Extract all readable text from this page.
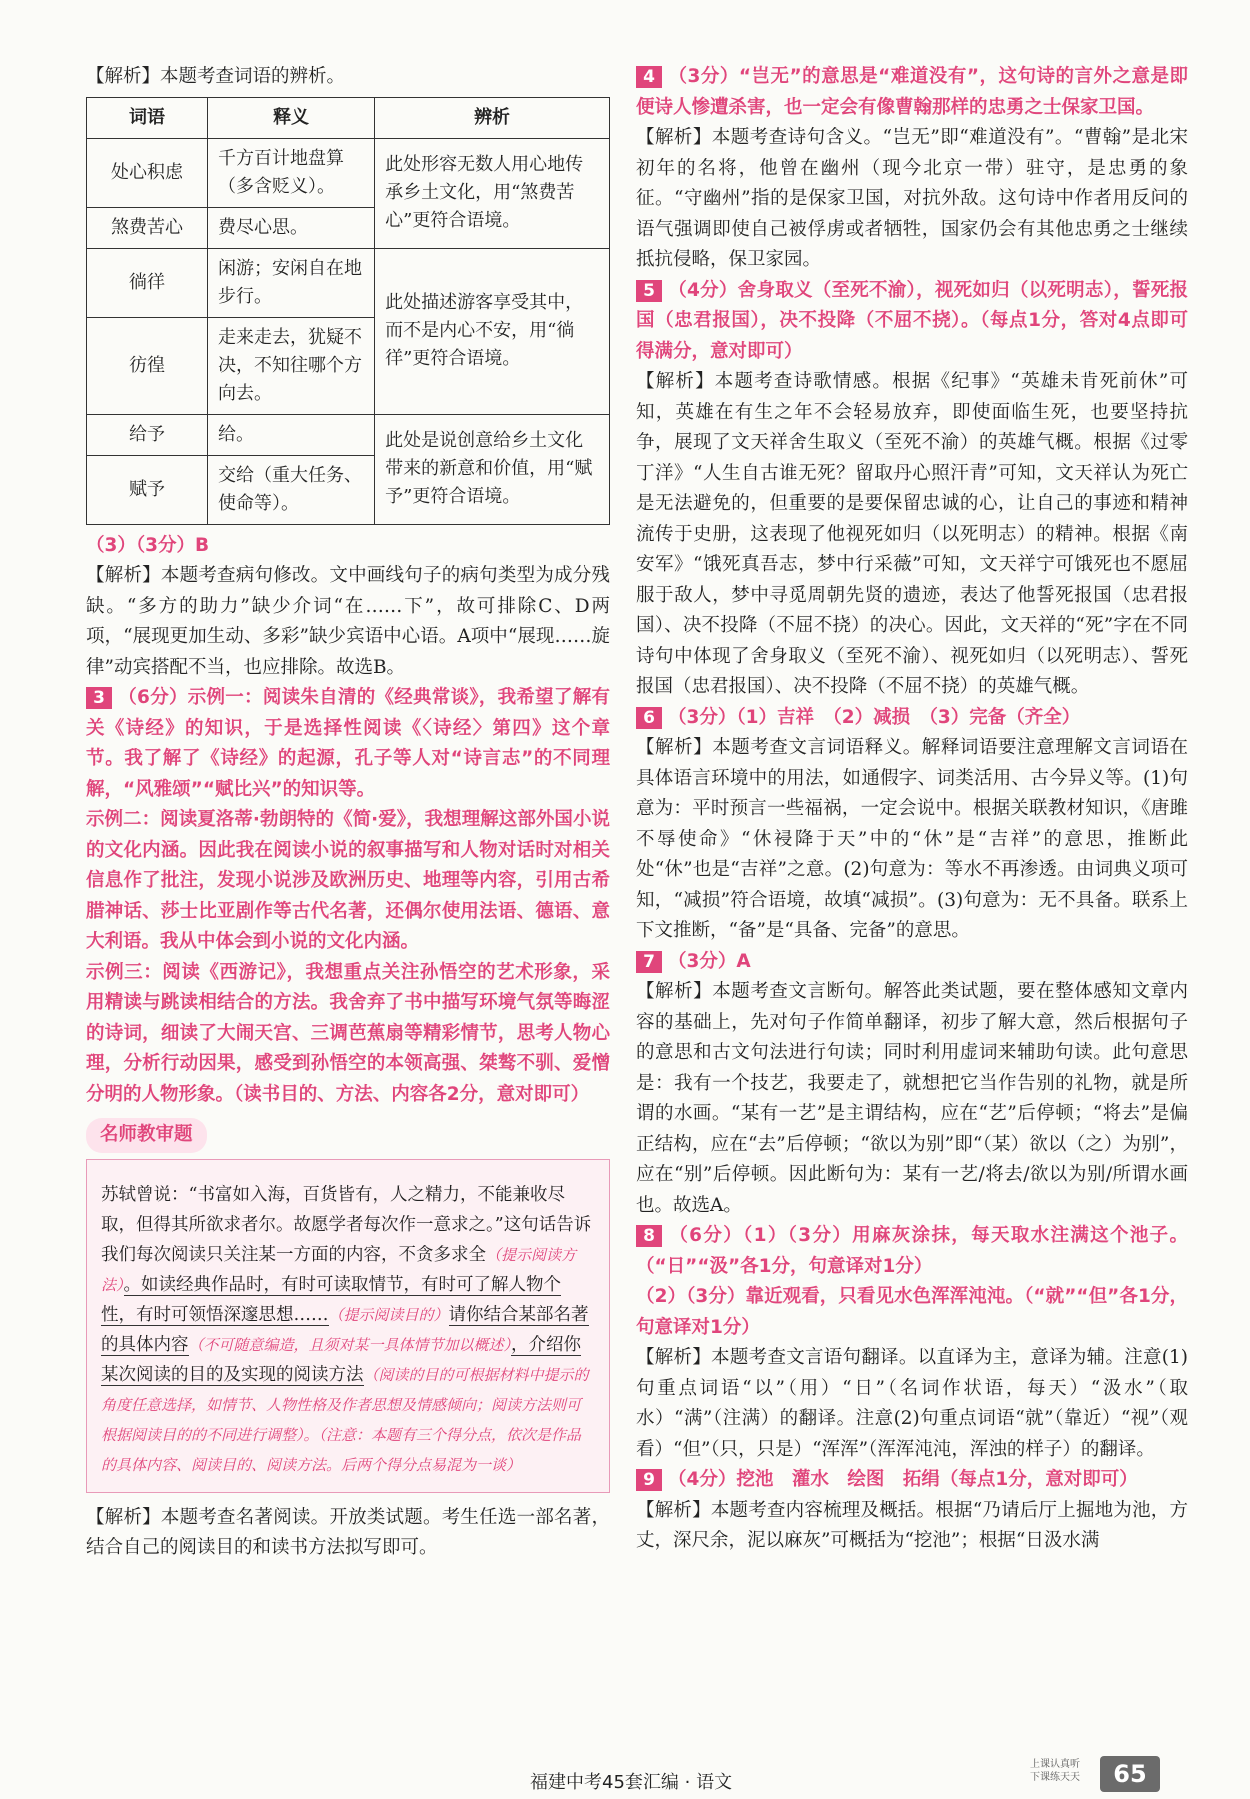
【解析】本题考查词语的辨析。

词语	释义	辨析
处心积虑	千方百计地盘算（多含贬义）。	此处形容无数人用心地传承乡土文化，用“煞费苦心”更符合语境。
煞费苦心	费尽心思。	
徜徉	闲游；安闲自在地步行。	此处描述游客享受其中，而不是内心不安，用“徜徉”更符合语境。
彷徨	走来走去，犹疑不决，不知往哪个方向去。	
给予	给。	此处是说创意给乡土文化带来的新意和价值，用“赋予”更符合语境。
赋予	交给（重大任务、使命等）。	

（3）（3分）B

【解析】本题考查病句修改。文中画线句子的病句类型为成分残缺。“多方的助力”缺少介词“在……下”，故可排除C、D两项，“展现更加生动、多彩”缺少宾语中心语。A项中“展现……旋律”动宾搭配不当，也应排除。故选B。

3 （6分）示例一：阅读朱自清的《经典常谈》，我希望了解有关《诗经》的知识，于是选择性阅读《〈诗经〉第四》这个章节。我了解了《诗经》的起源，孔子等人对“诗言志”的不同理解，“风雅颂”“赋比兴”的知识等。

示例二：阅读夏洛蒂·勃朗特的《简·爱》，我想理解这部外国小说的文化内涵。因此我在阅读小说的叙事描写和人物对话时对相关信息作了批注，发现小说涉及欧洲历史、地理等内容，引用古希腊神话、莎士比亚剧作等古代名著，还偶尔使用法语、德语、意大利语。我从中体会到小说的文化内涵。

示例三：阅读《西游记》，我想重点关注孙悟空的艺术形象，采用精读与跳读相结合的方法。我舍弃了书中描写环境气氛等晦涩的诗词，细读了大闹天宫、三调芭蕉扇等精彩情节，思考人物心理，分析行动因果，感受到孙悟空的本领高强、桀骜不驯、爱憎分明的人物形象。（读书目的、方法、内容各2分，意对即可）

名师教审题
苏轼曾说：“书富如入海，百货皆有，人之精力，不能兼收尽取，但得其所欲求者尔。故愿学者每次作一意求之。”这句话告诉我们每次阅读只关注某一方面的内容，不贪多求全（提示阅读方法）。如读经典作品时，有时可读取情节，有时可了解人物个性，有时可领悟深邃思想……（提示阅读目的）请你结合某部名著的具体内容（不可随意编造，且须对某一具体情节加以概述），介绍你某次阅读的目的及实现的阅读方法（阅读的目的可根据材料中提示的角度任意选择，如情节、人物性格及作者思想及情感倾向；阅读方法则可根据阅读目的的不同进行调整）。（注意：本题有三个得分点，依次是作品的具体内容、阅读目的、阅读方法。后两个得分点易混为一谈）

【解析】本题考查名著阅读。开放类试题。考生任选一部名著，结合自己的阅读目的和读书方法拟写即可。

4 （3分）“岂无”的意思是“难道没有”，这句诗的言外之意是即便诗人惨遭杀害，也一定会有像曹翰那样的忠勇之士保家卫国。

【解析】本题考查诗句含义。“岂无”即“难道没有”。“曹翰”是北宋初年的名将，他曾在幽州（现今北京一带）驻守，是忠勇的象征。“守幽州”指的是保家卫国，对抗外敌。这句诗中作者用反问的语气强调即使自己被俘虏或者牺牲，国家仍会有其他忠勇之士继续抵抗侵略，保卫家园。

5 （4分）舍身取义（至死不渝），视死如归（以死明志），誓死报国（忠君报国），决不投降（不屈不挠）。（每点1分，答对4点即可得满分，意对即可）

【解析】本题考查诗歌情感。根据《纪事》“英雄未肯死前休”可知，英雄在有生之年不会轻易放弃，即使面临生死，也要坚持抗争，展现了文天祥舍生取义（至死不渝）的英雄气概。根据《过零丁洋》“人生自古谁无死？留取丹心照汗青”可知，文天祥认为死亡是无法避免的，但重要的是要保留忠诚的心，让自己的事迹和精神流传于史册，这表现了他视死如归（以死明志）的精神。根据《南安军》“饿死真吾志，梦中行采薇”可知，文天祥宁可饿死也不愿屈服于敌人，梦中寻觅周朝先贤的遗迹，表达了他誓死报国（忠君报国）、决不投降（不屈不挠）的决心。因此，文天祥的“死”字在不同诗句中体现了舍身取义（至死不渝）、视死如归（以死明志）、誓死报国（忠君报国）、决不投降（不屈不挠）的英雄气概。

6 （3分）（1）吉祥　（2）减损　（3）完备（齐全）

【解析】本题考查文言词语释义。解释词语要注意理解文言词语在具体语言环境中的用法，如通假字、词类活用、古今异义等。(1)句意为：平时预言一些福祸，一定会说中。根据关联教材知识，《唐雎不辱使命》“休祲降于天”中的“休”是“吉祥”的意思，推断此处“休”也是“吉祥”之意。(2)句意为：等水不再渗透。由词典义项可知，“减损”符合语境，故填“减损”。(3)句意为：无不具备。联系上下文推断，“备”是“具备、完备”的意思。

7 （3分）A

【解析】本题考查文言断句。解答此类试题，要在整体感知文章内容的基础上，先对句子作简单翻译，初步了解大意，然后根据句子的意思和古文句法进行句读；同时利用虚词来辅助句读。此句意思是：我有一个技艺，我要走了，就想把它当作告别的礼物，就是所谓的水画。“某有一艺”是主谓结构，应在“艺”后停顿；“将去”是偏正结构，应在“去”后停顿；“欲以为别”即“（某）欲以（之）为别”，应在“别”后停顿。因此断句为：某有一艺/将去/欲以为别/所谓水画也。故选A。

8 （6分）（1）（3分）用麻灰涂抹，每天取水注满这个池子。（“日”“汲”各1分，句意译对1分）

（2）（3分）靠近观看，只看见水色浑浑沌沌。（“就”“但”各1分，句意译对1分）

【解析】本题考查文言语句翻译。以直译为主，意译为辅。注意(1)句重点词语“以”（用）“日”（名词作状语，每天）“汲水”（取水）“满”（注满）的翻译。注意(2)句重点词语“就”（靠近）“视”（观看）“但”（只，只是）“浑浑”（浑浑沌沌，浑浊的样子）的翻译。

9 （4分）挖池　灌水　绘图　拓绢（每点1分，意对即可）

【解析】本题考查内容梳理及概括。根据“乃请后厅上掘地为池，方丈，深尺余，泥以麻灰”可概括为“挖池”；根据“日汲水满

福建中考45套汇编 · 语文
上课认真听
下课练天天	65
